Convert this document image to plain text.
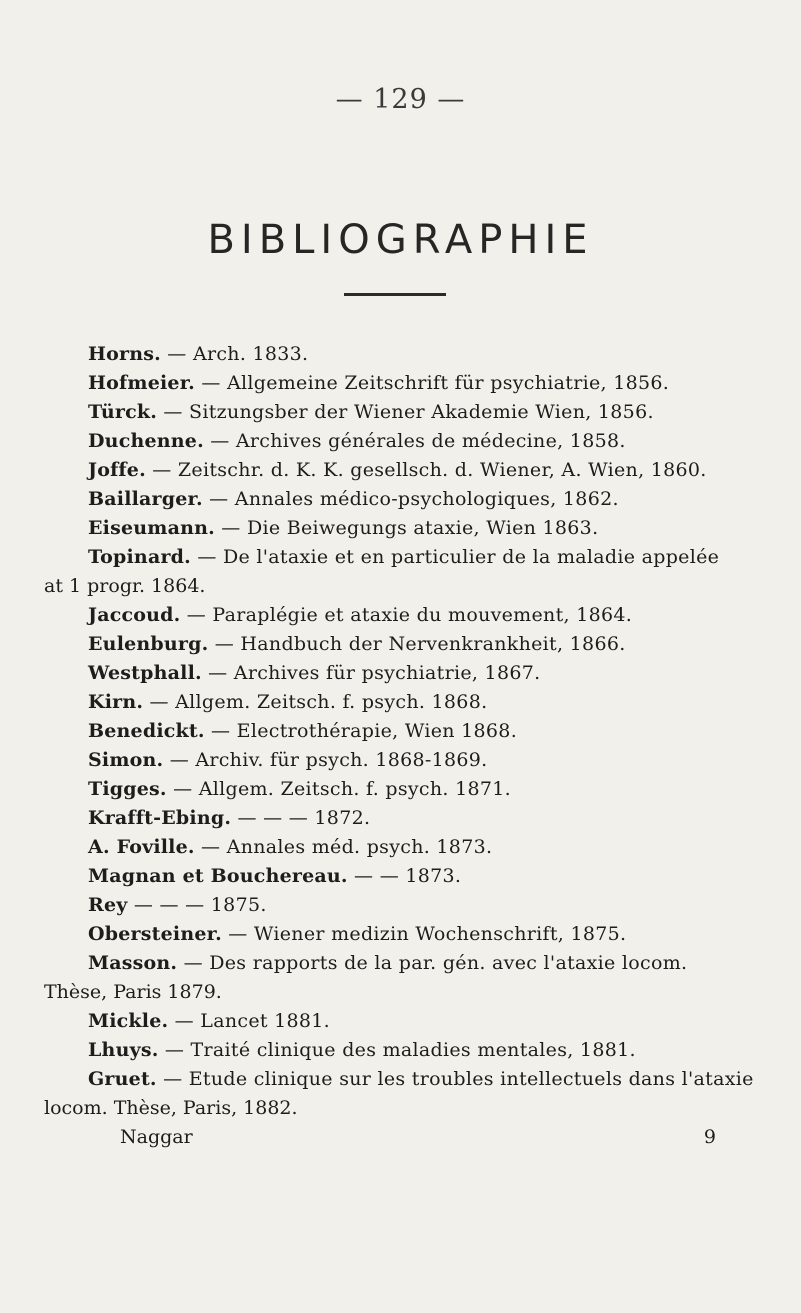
— 129 —
BIBLIOGRAPHIE
Horns. — Arch. 1833.
Hofmeier. — Allgemeine Zeitschrift für psychiatrie, 1856.
Türck. — Sitzungsber der Wiener Akademie Wien, 1856.
Duchenne. — Archives générales de médecine, 1858.
Joffe. — Zeitschr. d. K. K. gesellsch. d. Wiener, A. Wien, 1860.
Baillarger. — Annales médico-psychologiques, 1862.
Eiseumann. — Die Beiwegungs ataxie, Wien 1863.
Topinard. — De l'ataxie et en particulier de la maladie appelée
at 1 progr. 1864.
Jaccoud. — Paraplégie et ataxie du mouvement, 1864.
Eulenburg. — Handbuch der Nervenkrankheit, 1866.
Westphall. — Archives für psychiatrie, 1867.
Kirn. — Allgem. Zeitsch. f. psych. 1868.
Benedickt. — Electrothérapie, Wien 1868.
Simon. — Archiv. für psych. 1868-1869.
Tigges. — Allgem. Zeitsch. f. psych. 1871.
Krafft-Ebing. — — — 1872.
A. Foville. — Annales méd. psych. 1873.
Magnan et Bouchereau. — — 1873.
Rey — — — 1875.
Obersteiner. — Wiener medizin Wochenschrift, 1875.
Masson. — Des rapports de la par. gén. avec l'ataxie locom.
Thèse, Paris 1879.
Mickle. — Lancet 1881.
Lhuys. — Traité clinique des maladies mentales, 1881.
Gruet. — Etude clinique sur les troubles intellectuels dans l'ataxie
locom. Thèse, Paris, 1882.
Naggar	9
